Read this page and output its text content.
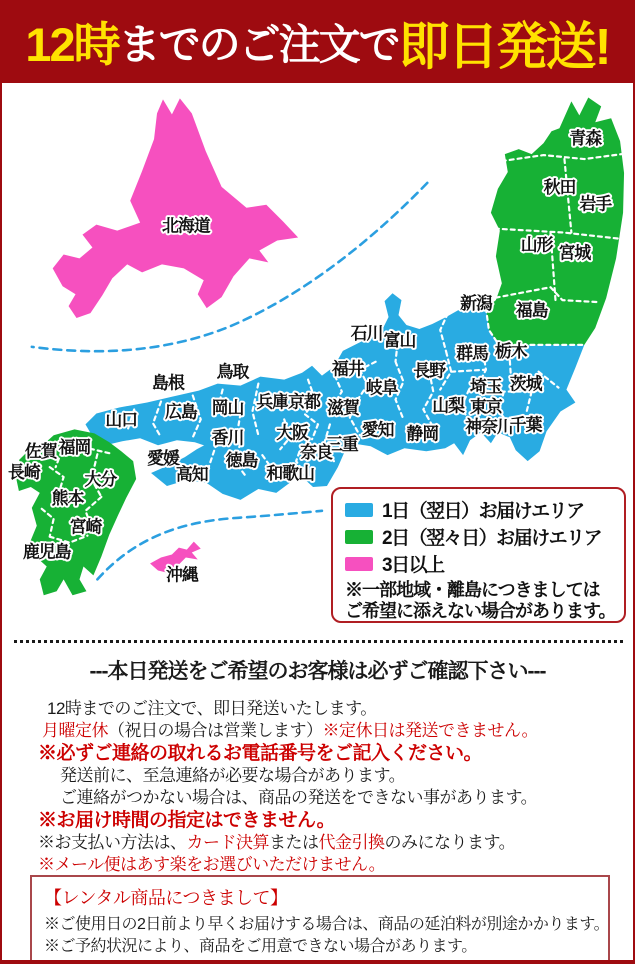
12時 までのご注文で 即日発送!
北海道
青森
秋田
岩手
山形 宮城
福島
新潟
石川 富山
群馬 栃木
福井	長野
岐阜	埼玉 茨城
滋賀	山梨 東京
愛知 静岡 神奈川
千葉
三重
島根
鳥取
山口 広島 岡山 兵庫 京都
大阪
奈良
和歌山
香川
徳島
愛媛
高知
佐賀 福岡
長崎	大分
熊本
宮崎
鹿児島
沖縄
1日（翌日）お届けエリア
2日（翌々日）お届けエリア
3日以上
※一部地域・離島につきましては
ご希望に添えない場合があります。
---本日発送をご希望のお客様は必ずご確認下さい---
12時までのご注文で、即日発送いたします。
月曜定休（祝日の場合は営業します）※定休日は発送できません。
※必ずご連絡の取れるお電話番号をご記入ください。
発送前に、至急連絡が必要な場合があります。
ご連絡がつかない場合は、商品の発送をできない事があります。
※お届け時間の指定はできません。
※お支払い方法は、カード決算または代金引換のみになります。
※メール便はあす楽をお選びいただけません。
【レンタル商品につきまして】
※ご使用日の2日前より早くお届けする場合は、商品の延泊料が別途かかります。
※ご予約状況により、商品をご用意できない場合があります。
